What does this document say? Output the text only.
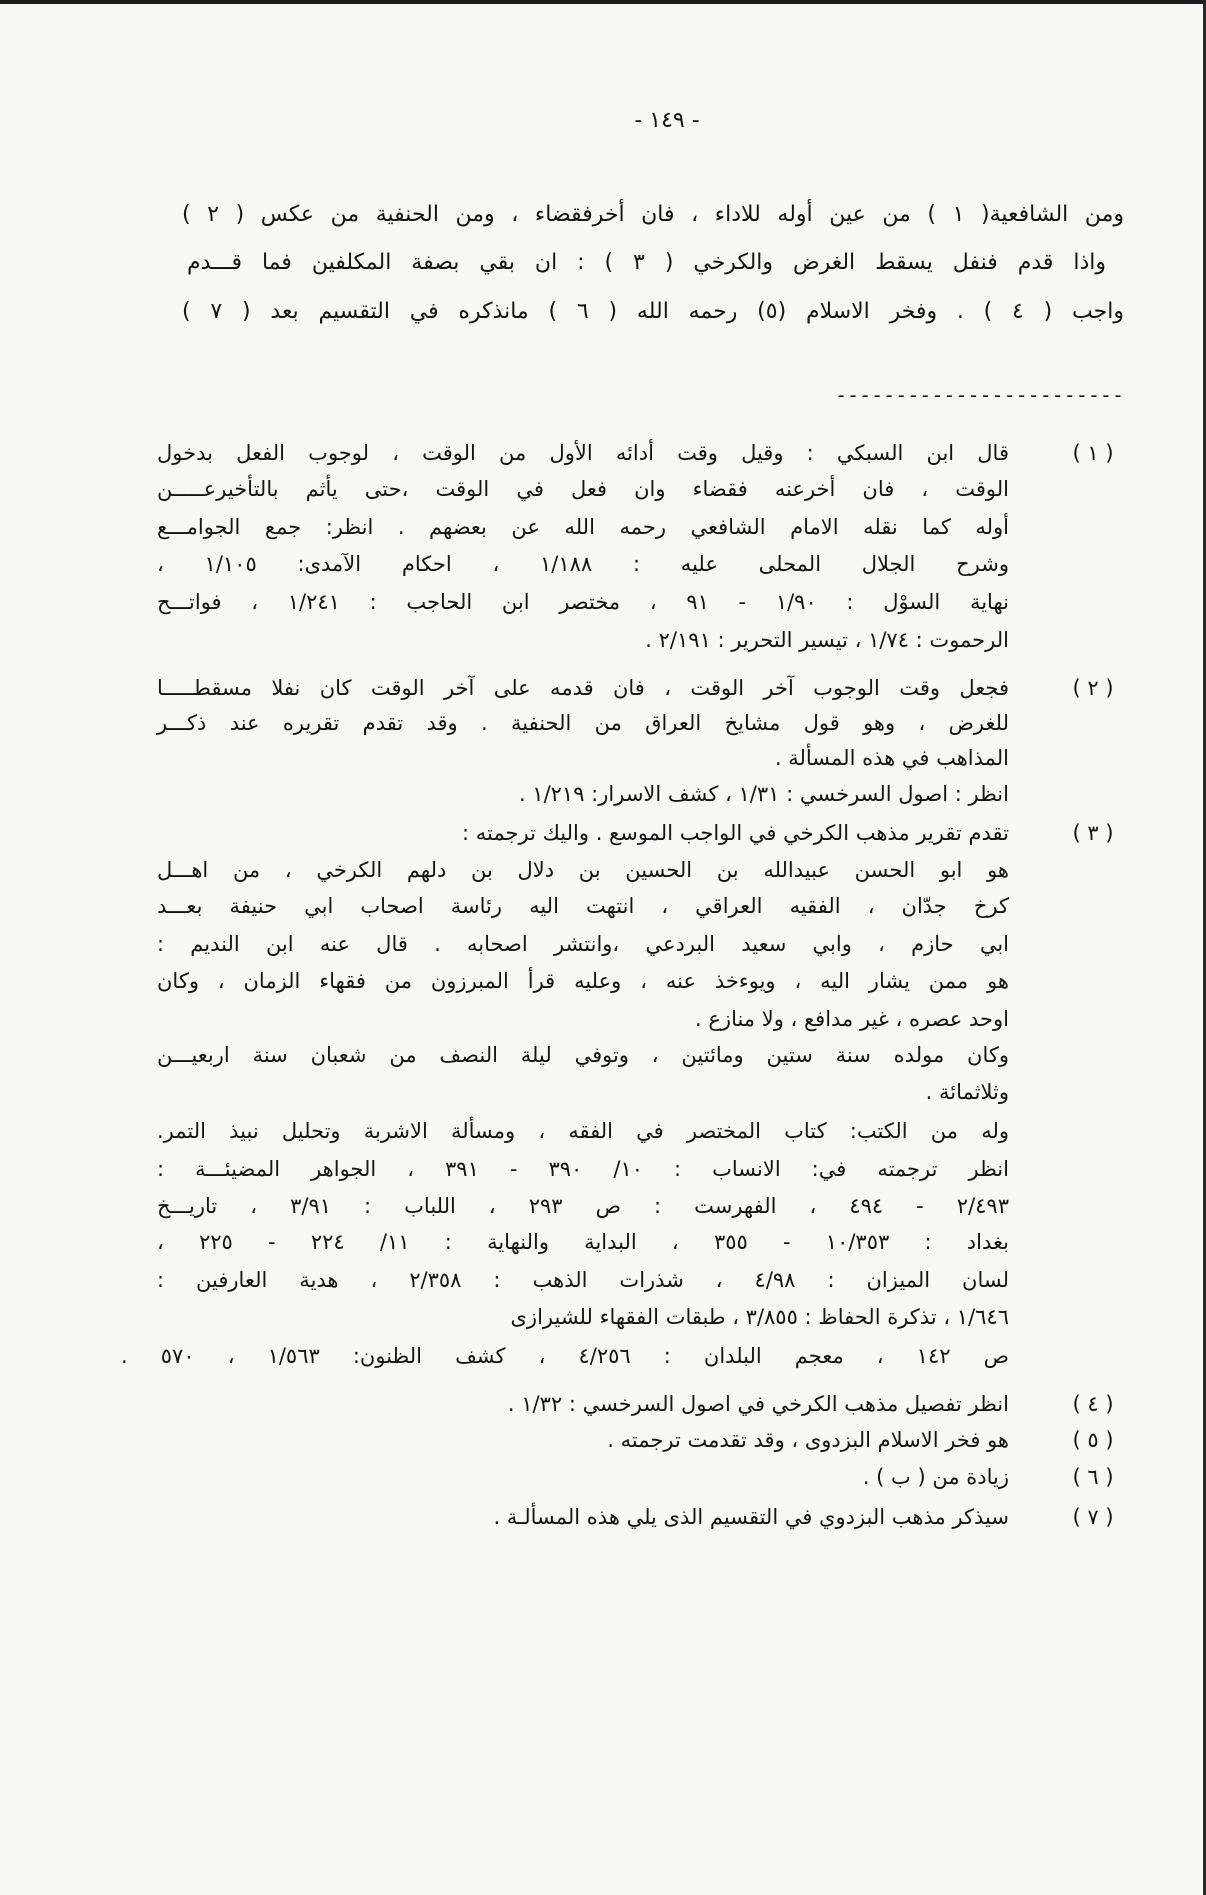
- ١٤٩ -
ومن الشافعية( ١ ) من عين أوله للاداء ، فان أخرفقضاء ، ومن الحنفية من عكس ( ٢ )
واذا قدم فنفل يسقط الغرض والكرخي ( ٣ ) : ان بقي بصفة المكلفين فما قـــدم
واجب ( ٤ ) . وفخر الاسلام (٥) رحمه الله ( ٦ ) مانذكره في التقسيم بعد ( ٧ )
------------------------
( ١ )
قال ابن السبكي : وقيل وقت أدائه الأول من الوقت ، لوجوب الفعل بدخول
الوقت ، فان أخرعنه فقضاء وان فعل في الوقت ،حتى يأثم بالتأخيرعـــــن
أوله كما نقله الامام الشافعي رحمه الله عن بعضهم . انظر: جمع الجوامـــع
وشرح الجلال المحلى عليه : ١/١٨٨ ، احكام الآمدى: ١/١٠٥ ،
نهاية السوْل : ١/٩٠ - ٩١ ، مختصر ابن الحاجب : ١/٢٤١ ، فواتـــح
الرحموت : ١/٧٤ ، تيسير التحرير : ٢/١٩١ .
( ٢ )
فجعل وقت الوجوب آخر الوقت ، فان قدمه على آخر الوقت كان نفلا مسقطـــــا
للغرض ، وهو قول مشايخ العراق من الحنفية . وقد تقدم تقريره عند ذكـــر
المذاهب في هذه المسألة .
انظر : اصول السرخسي : ١/٣١ ، كشف الاسرار: ١/٢١٩ .
( ٣ )
تقدم تقرير مذهب الكرخي في الواجب الموسع . واليك ترجمته :
هو ابو الحسن عبيدالله بن الحسين بن دلال بن دلهم الكرخي ، من اهـــل
كرخ جدّان ، الفقيه العراقي ، انتهت اليه رئاسة اصحاب ابي حنيفة بعـــد
ابي حازم ، وابي سعيد البردعي ،وانتشر اصحابه . قال عنه ابن النديم :
هو ممن يشار اليه ، ويوءخذ عنه ، وعليه قرأ المبرزون من فقهاء الزمان ، وكان
اوحد عصره ، غير مدافع ، ولا منازع .
وكان مولده سنة ستين ومائتين ، وتوفي ليلة النصف من شعبان سنة اربعيـــن
وثلاثمائة .
وله من الكتب: كتاب المختصر في الفقه ، ومسألة الاشربة وتحليل نبيذ التمر.
انظر ترجمته في: الانساب : ١٠/ ٣٩٠ - ٣٩١ ، الجواهر المضيئـــة :
٢/٤٩٣ - ٤٩٤ ، الفهرست : ص ٢٩٣ ، اللباب : ٣/٩١ ، تاريـــخ
بغداد : ١٠/٣٥٣ - ٣٥٥ ، البداية والنهاية : ١١/ ٢٢٤ - ٢٢٥ ،
لسان الميزان : ٤/٩٨ ، شذرات الذهب : ٢/٣٥٨ ، هدية العارفين :
١/٦٤٦ ، تذكرة الحفاظ : ٣/٨٥٥ ، طبقات الفقهاء للشيرازى
ص ١٤٢ ، معجم البلدان : ٤/٢٥٦ ، كشف الظنون: ١/٥٦٣ ، ٥٧٠ .
( ٤ )
انظر تفصيل مذهب الكرخي في اصول السرخسي : ١/٣٢ .
( ٥ )
هو فخر الاسلام البزدوى ، وقد تقدمت ترجمته .
( ٦ )
زيادة من ( ب ) .
( ٧ )
سيذكر مذهب البزدوي في التقسيم الذى يلي هذه المسألـة .
